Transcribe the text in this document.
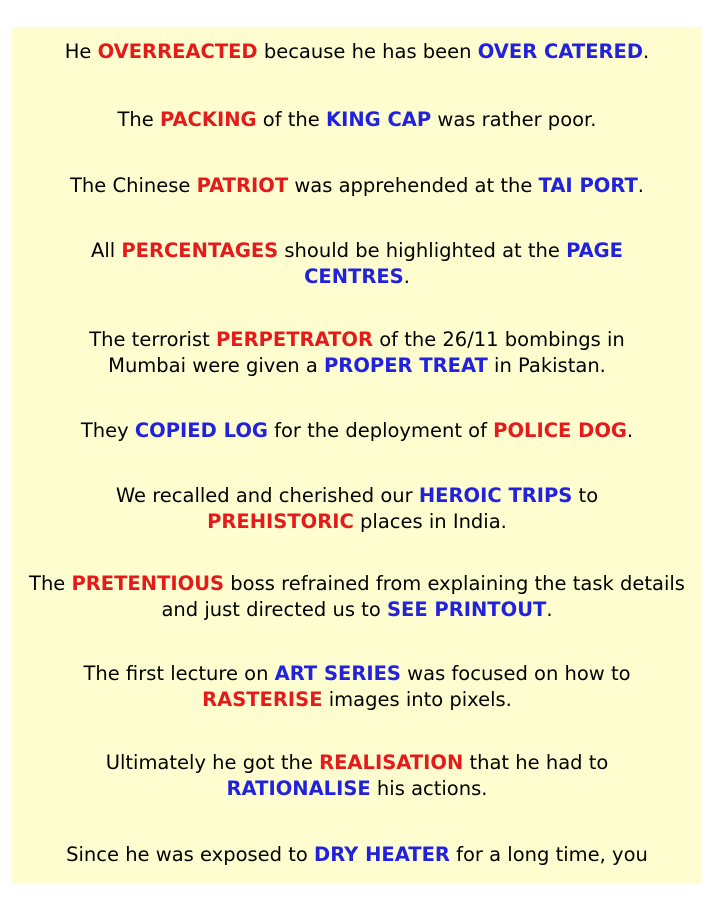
He OVERREACTED because he has been OVER CATERED.

The PACKING of the KING CAP was rather poor.

The Chinese PATRIOT was apprehended at the TAI PORT.

All PERCENTAGES should be highlighted at the PAGE CENTRES.

The terrorist PERPETRATOR of the 26/11 bombings in Mumbai were given a PROPER TREAT in Pakistan.

They COPIED LOG for the deployment of POLICE DOG.

We recalled and cherished our HEROIC TRIPS to PREHISTORIC places in India.

The PRETENTIOUS boss refrained from explaining the task details and just directed us to SEE PRINTOUT.

The first lecture on ART SERIES was focused on how to RASTERISE images into pixels.

Ultimately he got the REALISATION that he had to RATIONALISE his actions.

Since he was exposed to DRY HEATER for a long time, you
